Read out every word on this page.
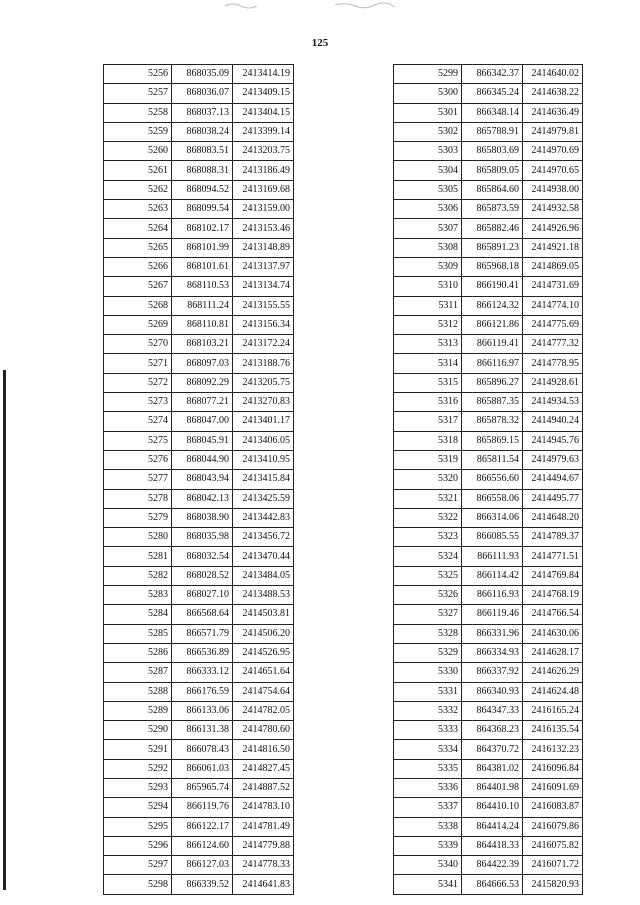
125
5256	868035.09	2413414.19
5257	868036.07	2413409.15
5258	868037.13	2413404.15
5259	868038.24	2413399.14
5260	868083.51	2413203.75
5261	868088.31	2413186.49
5262	868094.52	2413169.68
5263	868099.54	2413159.00
5264	868102.17	2413153.46
5265	868101.99	2413148.89
5266	868101.61	2413137.97
5267	868110.53	2413134.74
5268	868111.24	2413155.55
5269	868110.81	2413156.34
5270	868103.21	2413172.24
5271	868097.03	2413188.76
5272	868092.29	2413205.75
5273	868077.21	2413270.83
5274	868047.00	2413401.17
5275	868045.91	2413406.05
5276	868044.90	2413410.95
5277	868043.94	2413415.84
5278	868042.13	2413425.59
5279	868038.90	2413442.83
5280	868035.98	2413456.72
5281	868032.54	2413470.44
5282	868028.52	2413484.05
5283	868027.10	2413488.53
5284	866568.64	2414503.81
5285	866571.79	2414506.20
5286	866536.89	2414526.95
5287	866333.12	2414651.64
5288	866176.59	2414754.64
5289	866133.06	2414782.05
5290	866131.38	2414780.60
5291	866078.43	2414816.50
5292	866061.03	2414827.45
5293	865965.74	2414887.52
5294	866119.76	2414783.10
5295	866122.17	2414781.49
5296	866124.60	2414779.88
5297	866127.03	2414778.33
5298	866339.52	2414641.83
5299	866342.37	2414640.02
5300	866345.24	2414638.22
5301	866348.14	2414636.49
5302	865788.91	2414979.81
5303	865803.69	2414970.69
5304	865809.05	2414970.65
5305	865864.60	2414938.00
5306	865873.59	2414932.58
5307	865882.46	2414926.96
5308	865891.23	2414921.18
5309	865968.18	2414869.05
5310	866190.41	2414731.69
5311	866124.32	2414774.10
5312	866121.86	2414775.69
5313	866119.41	2414777.32
5314	866116.97	2414778.95
5315	865896.27	2414928.61
5316	865887.35	2414934.53
5317	865878.32	2414940.24
5318	865869.15	2414945.76
5319	865811.54	2414979.63
5320	866556.60	2414494.67
5321	866558.06	2414495.77
5322	866314.06	2414648.20
5323	866085.55	2414789.37
5324	866111.93	2414771.51
5325	866114.42	2414769.84
5326	866116.93	2414768.19
5327	866119.46	2414766.54
5328	866331.96	2414630.06
5329	866334.93	2414628.17
5330	866337.92	2414626.29
5331	866340.93	2414624.48
5332	864347.33	2416165.24
5333	864368.23	2416135.54
5334	864370.72	2416132.23
5335	864381.02	2416096.84
5336	864401.98	2416091.69
5337	864410.10	2416083.87
5338	864414.24	2416079.86
5339	864418.33	2416075.82
5340	864422.39	2416071.72
5341	864666.53	2415820.93
